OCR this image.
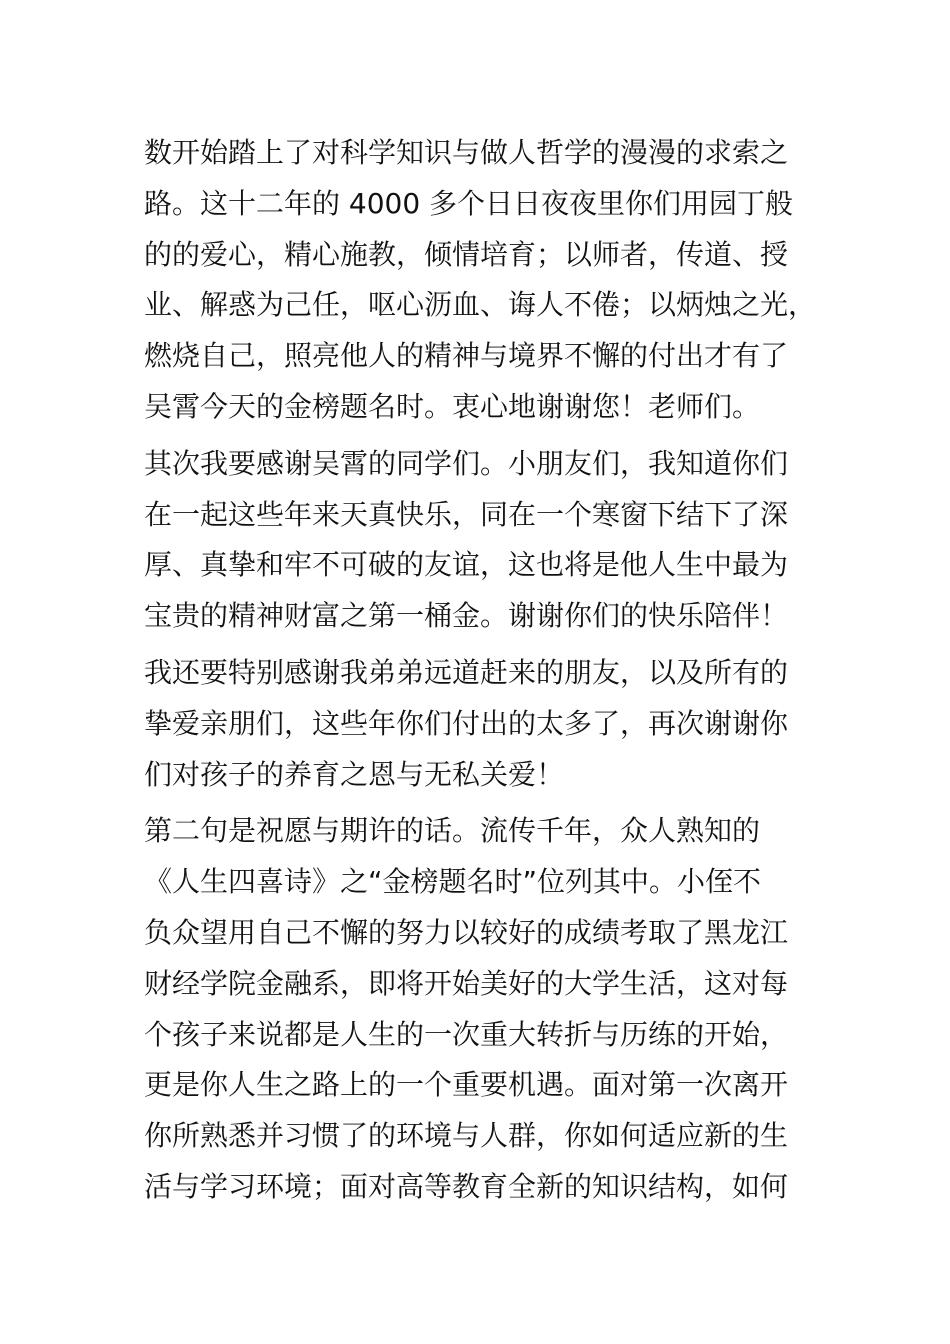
数开始踏上了对科学知识与做人哲学的漫漫的求索之
路。这十二年的 4000 多个日日夜夜里你们用园丁般
的的爱心，精心施教，倾情培育；以师者，传道、授
业、解惑为己任，呕心沥血、诲人不倦；以炳烛之光，
燃烧自己，照亮他人的精神与境界不懈的付出才有了
吴霄今天的金榜题名时。衷心地谢谢您！老师们。
其次我要感谢吴霄的同学们。小朋友们，我知道你们
在一起这些年来天真快乐，同在一个寒窗下结下了深
厚、真挚和牢不可破的友谊，这也将是他人生中最为
宝贵的精神财富之第一桶金。谢谢你们的快乐陪伴！
我还要特别感谢我弟弟远道赶来的朋友，以及所有的
挚爱亲朋们，这些年你们付出的太多了，再次谢谢你
们对孩子的养育之恩与无私关爱！
第二句是祝愿与期许的话。流传千年，众人熟知的
《人生四喜诗》之“金榜题名时”位列其中。小侄不
负众望用自己不懈的努力以较好的成绩考取了黑龙江
财经学院金融系，即将开始美好的大学生活，这对每
个孩子来说都是人生的一次重大转折与历练的开始，
更是你人生之路上的一个重要机遇。面对第一次离开
你所熟悉并习惯了的环境与人群，你如何适应新的生
活与学习环境；面对高等教育全新的知识结构，如何
